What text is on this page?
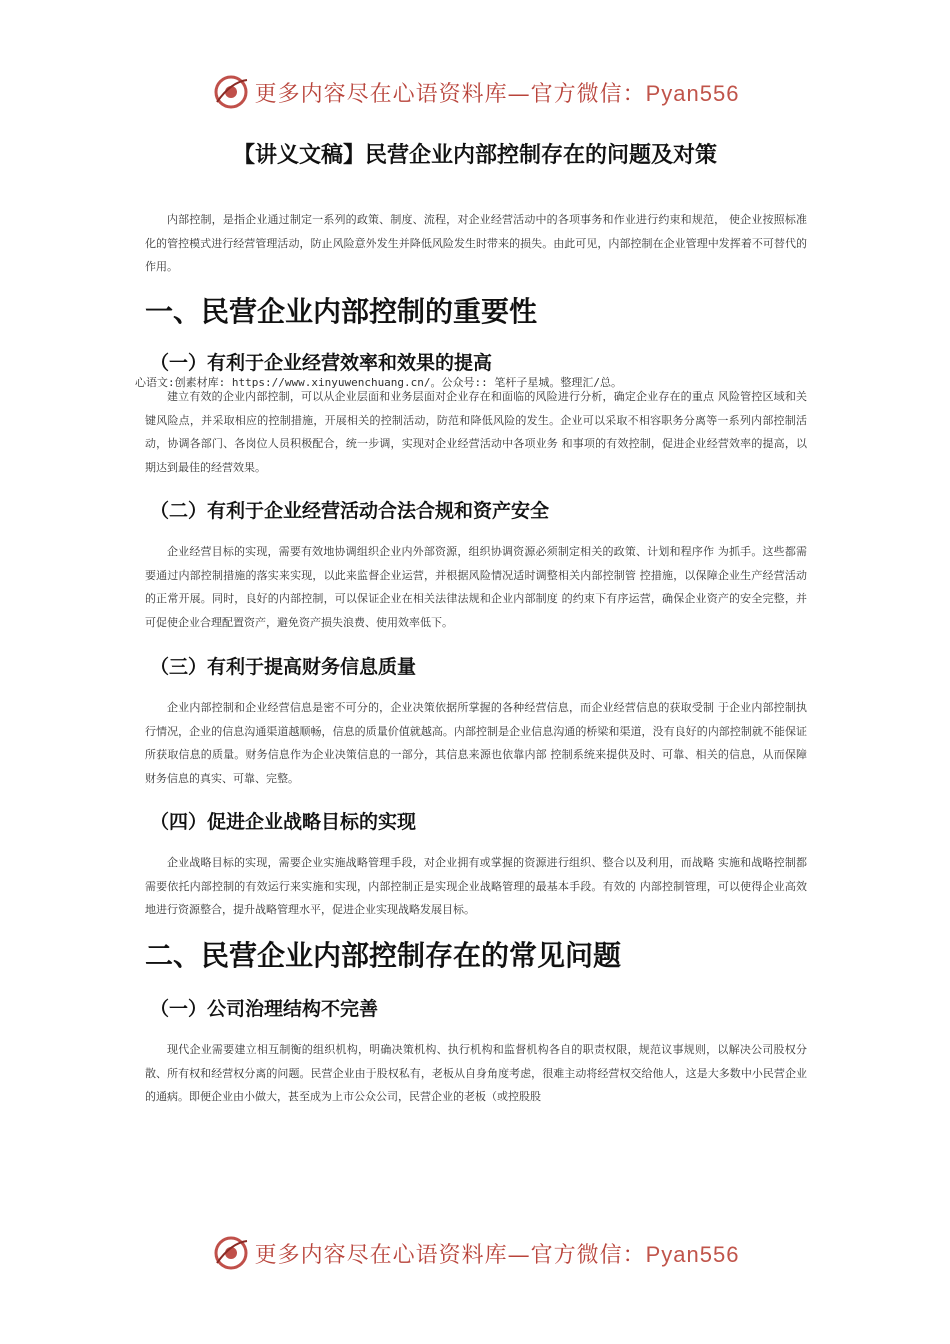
更多内容尽在心语资料库—官方微信：Pyan556
【讲义文稿】民营企业内部控制存在的问题及对策

内部控制，是指企业通过制定一系列的政策、制度、流程，对企业经营活动中的各项事务和作业进行约束和规范， 使企业按照标准化的管控模式进行经营管理活动，防止风险意外发生并降低风险发生时带来的损失。由此可见，内部控制在企业管理中发挥着不可替代的作用。

一、民营企业内部控制的重要性
（一）有利于企业经营效率和效果的提高

心语文:创素材库: https://www.xinyuwenchuang.cn/。公众号:: 笔杆子星城。整理汇/总。

建立有效的企业内部控制，可以从企业层面和业务层面对企业存在和面临的风险进行分析，确定企业存在的重点 风险管控区域和关键风险点，并采取相应的控制措施，开展相关的控制活动，防范和降低风险的发生。企业可以采取不相容职务分离等一系列内部控制活动，协调各部门、各岗位人员积极配合，统一步调，实现对企业经营活动中各项业务 和事项的有效控制，促进企业经营效率的提高，以期达到最佳的经营效果。

（二）有利于企业经营活动合法合规和资产安全

企业经营目标的实现，需要有效地协调组织企业内外部资源，组织协调资源必须制定相关的政策、计划和程序作 为抓手。这些都需要通过内部控制措施的落实来实现，以此来监督企业运营，并根据风险情况适时调整相关内部控制管 控措施，以保障企业生产经营活动的正常开展。同时，良好的内部控制，可以保证企业在相关法律法规和企业内部制度 的约束下有序运营，确保企业资产的安全完整，并可促使企业合理配置资产，避免资产损失浪费、使用效率低下。

（三）有利于提高财务信息质量

企业内部控制和企业经营信息是密不可分的，企业决策依据所掌握的各种经营信息，而企业经营信息的获取受制 于企业内部控制执行情况，企业的信息沟通渠道越顺畅，信息的质量价值就越高。内部控制是企业信息沟通的桥梁和渠道，没有良好的内部控制就不能保证所获取信息的质量。财务信息作为企业决策信息的一部分，其信息来源也依靠内部 控制系统来提供及时、可靠、相关的信息，从而保障财务信息的真实、可靠、完整。

（四）促进企业战略目标的实现

企业战略目标的实现，需要企业实施战略管理手段，对企业拥有或掌握的资源进行组织、整合以及利用，而战略 实施和战略控制都需要依托内部控制的有效运行来实施和实现，内部控制正是实现企业战略管理的最基本手段。有效的 内部控制管理，可以使得企业高效地进行资源整合，提升战略管理水平，促进企业实现战略发展目标。

二、民营企业内部控制存在的常见问题
（一）公司治理结构不完善

现代企业需要建立相互制衡的组织机构，明确决策机构、执行机构和监督机构各自的职责权限，规范议事规则，以解决公司股权分散、所有权和经营权分离的问题。民营企业由于股权私有，老板从自身角度考虑，很难主动将经营权交给他人，这是大多数中小民营企业的通病。即便企业由小做大，甚至成为上市公众公司，民营企业的老板（或控股股

更多内容尽在心语资料库—官方微信：Pyan556
